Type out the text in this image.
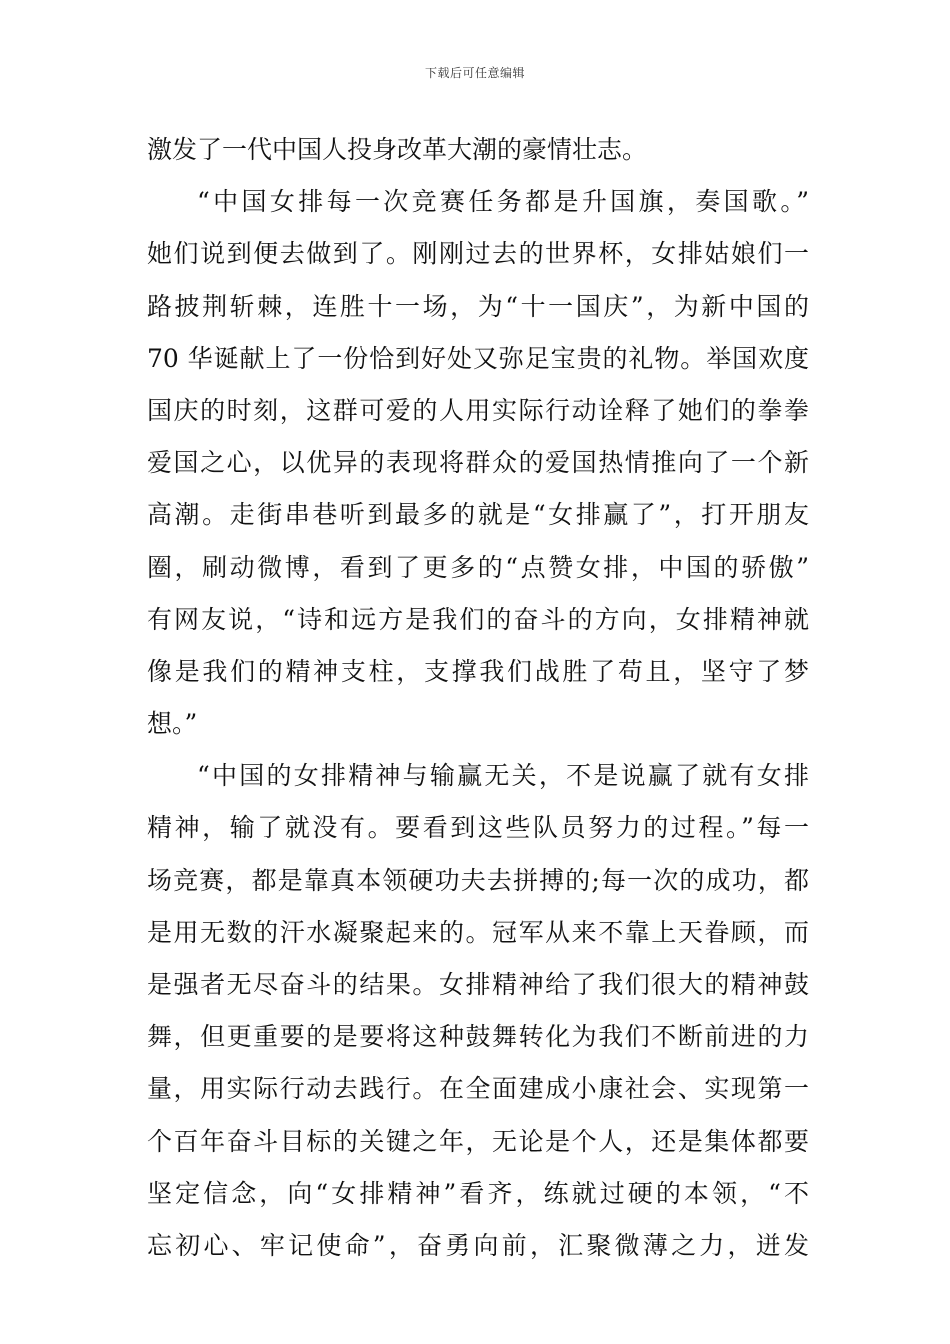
下载后可任意编辑
激发了一代中国人投身改革大潮的豪情壮志。
“中国女排每一次竞赛任务都是升国旗，奏国歌。”
她们说到便去做到了。刚刚过去的世界杯，女排姑娘们一
路披荆斩棘，连胜十一场，为“十一国庆”，为新中国的
70 华诞献上了一份恰到好处又弥足宝贵的礼物。举国欢度
国庆的时刻，这群可爱的人用实际行动诠释了她们的拳拳
爱国之心，以优异的表现将群众的爱国热情推向了一个新
高潮。走街串巷听到最多的就是“女排赢了”，打开朋友
圈，刷动微博，看到了更多的“点赞女排，中国的骄傲”
有网友说，“诗和远方是我们的奋斗的方向，女排精神就
像是我们的精神支柱，支撑我们战胜了苟且，坚守了梦
想。”
“中国的女排精神与输赢无关，不是说赢了就有女排
精神，输了就没有。要看到这些队员努力的过程。”每一
场竞赛，都是靠真本领硬功夫去拼搏的;每一次的成功，都
是用无数的汗水凝聚起来的。冠军从来不靠上天眷顾，而
是强者无尽奋斗的结果。女排精神给了我们很大的精神鼓
舞，但更重要的是要将这种鼓舞转化为我们不断前进的力
量，用实际行动去践行。在全面建成小康社会、实现第一
个百年奋斗目标的关键之年，无论是个人，还是集体都要
坚定信念，向“女排精神”看齐，练就过硬的本领，“不
忘初心、牢记使命”，奋勇向前，汇聚微薄之力，迸发
